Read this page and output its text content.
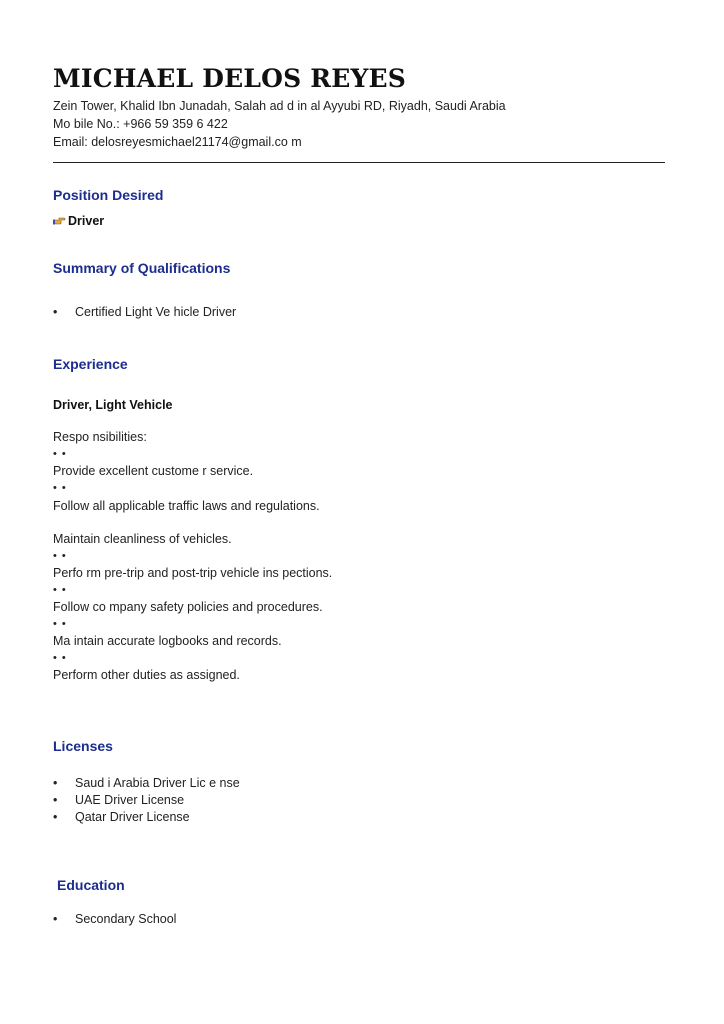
MICHAEL DELOS REYES
Zein Tower, Khalid Ibn Junadah, Salah ad d in al Ayyubi RD, Riyadh, Saudi Arabia
Mo bile No.: +966 59 359 6 422
Email: delosreyesmichael21174@gmail.co m
Position Desired
Driver
Summary of Qualifications
• Certified Light Ve hicle Driver
Experience
Driver, Light Vehicle
Respo nsibilities:
• •
Provide excellent custome r service.
• •
Follow all applicable traffic laws and regulations.
Maintain cleanliness of vehicles.
• •
Perfo rm pre-trip and post-trip vehicle ins pections.
• •
Follow co mpany safety policies and procedures.
• •
Ma intain accurate logbooks and records.
• •
Perform other duties as assigned.
Licenses
• Saud i Arabia Driver Lic e nse
• UAE Driver License
• Qatar Driver License
Education
• Secondary School
